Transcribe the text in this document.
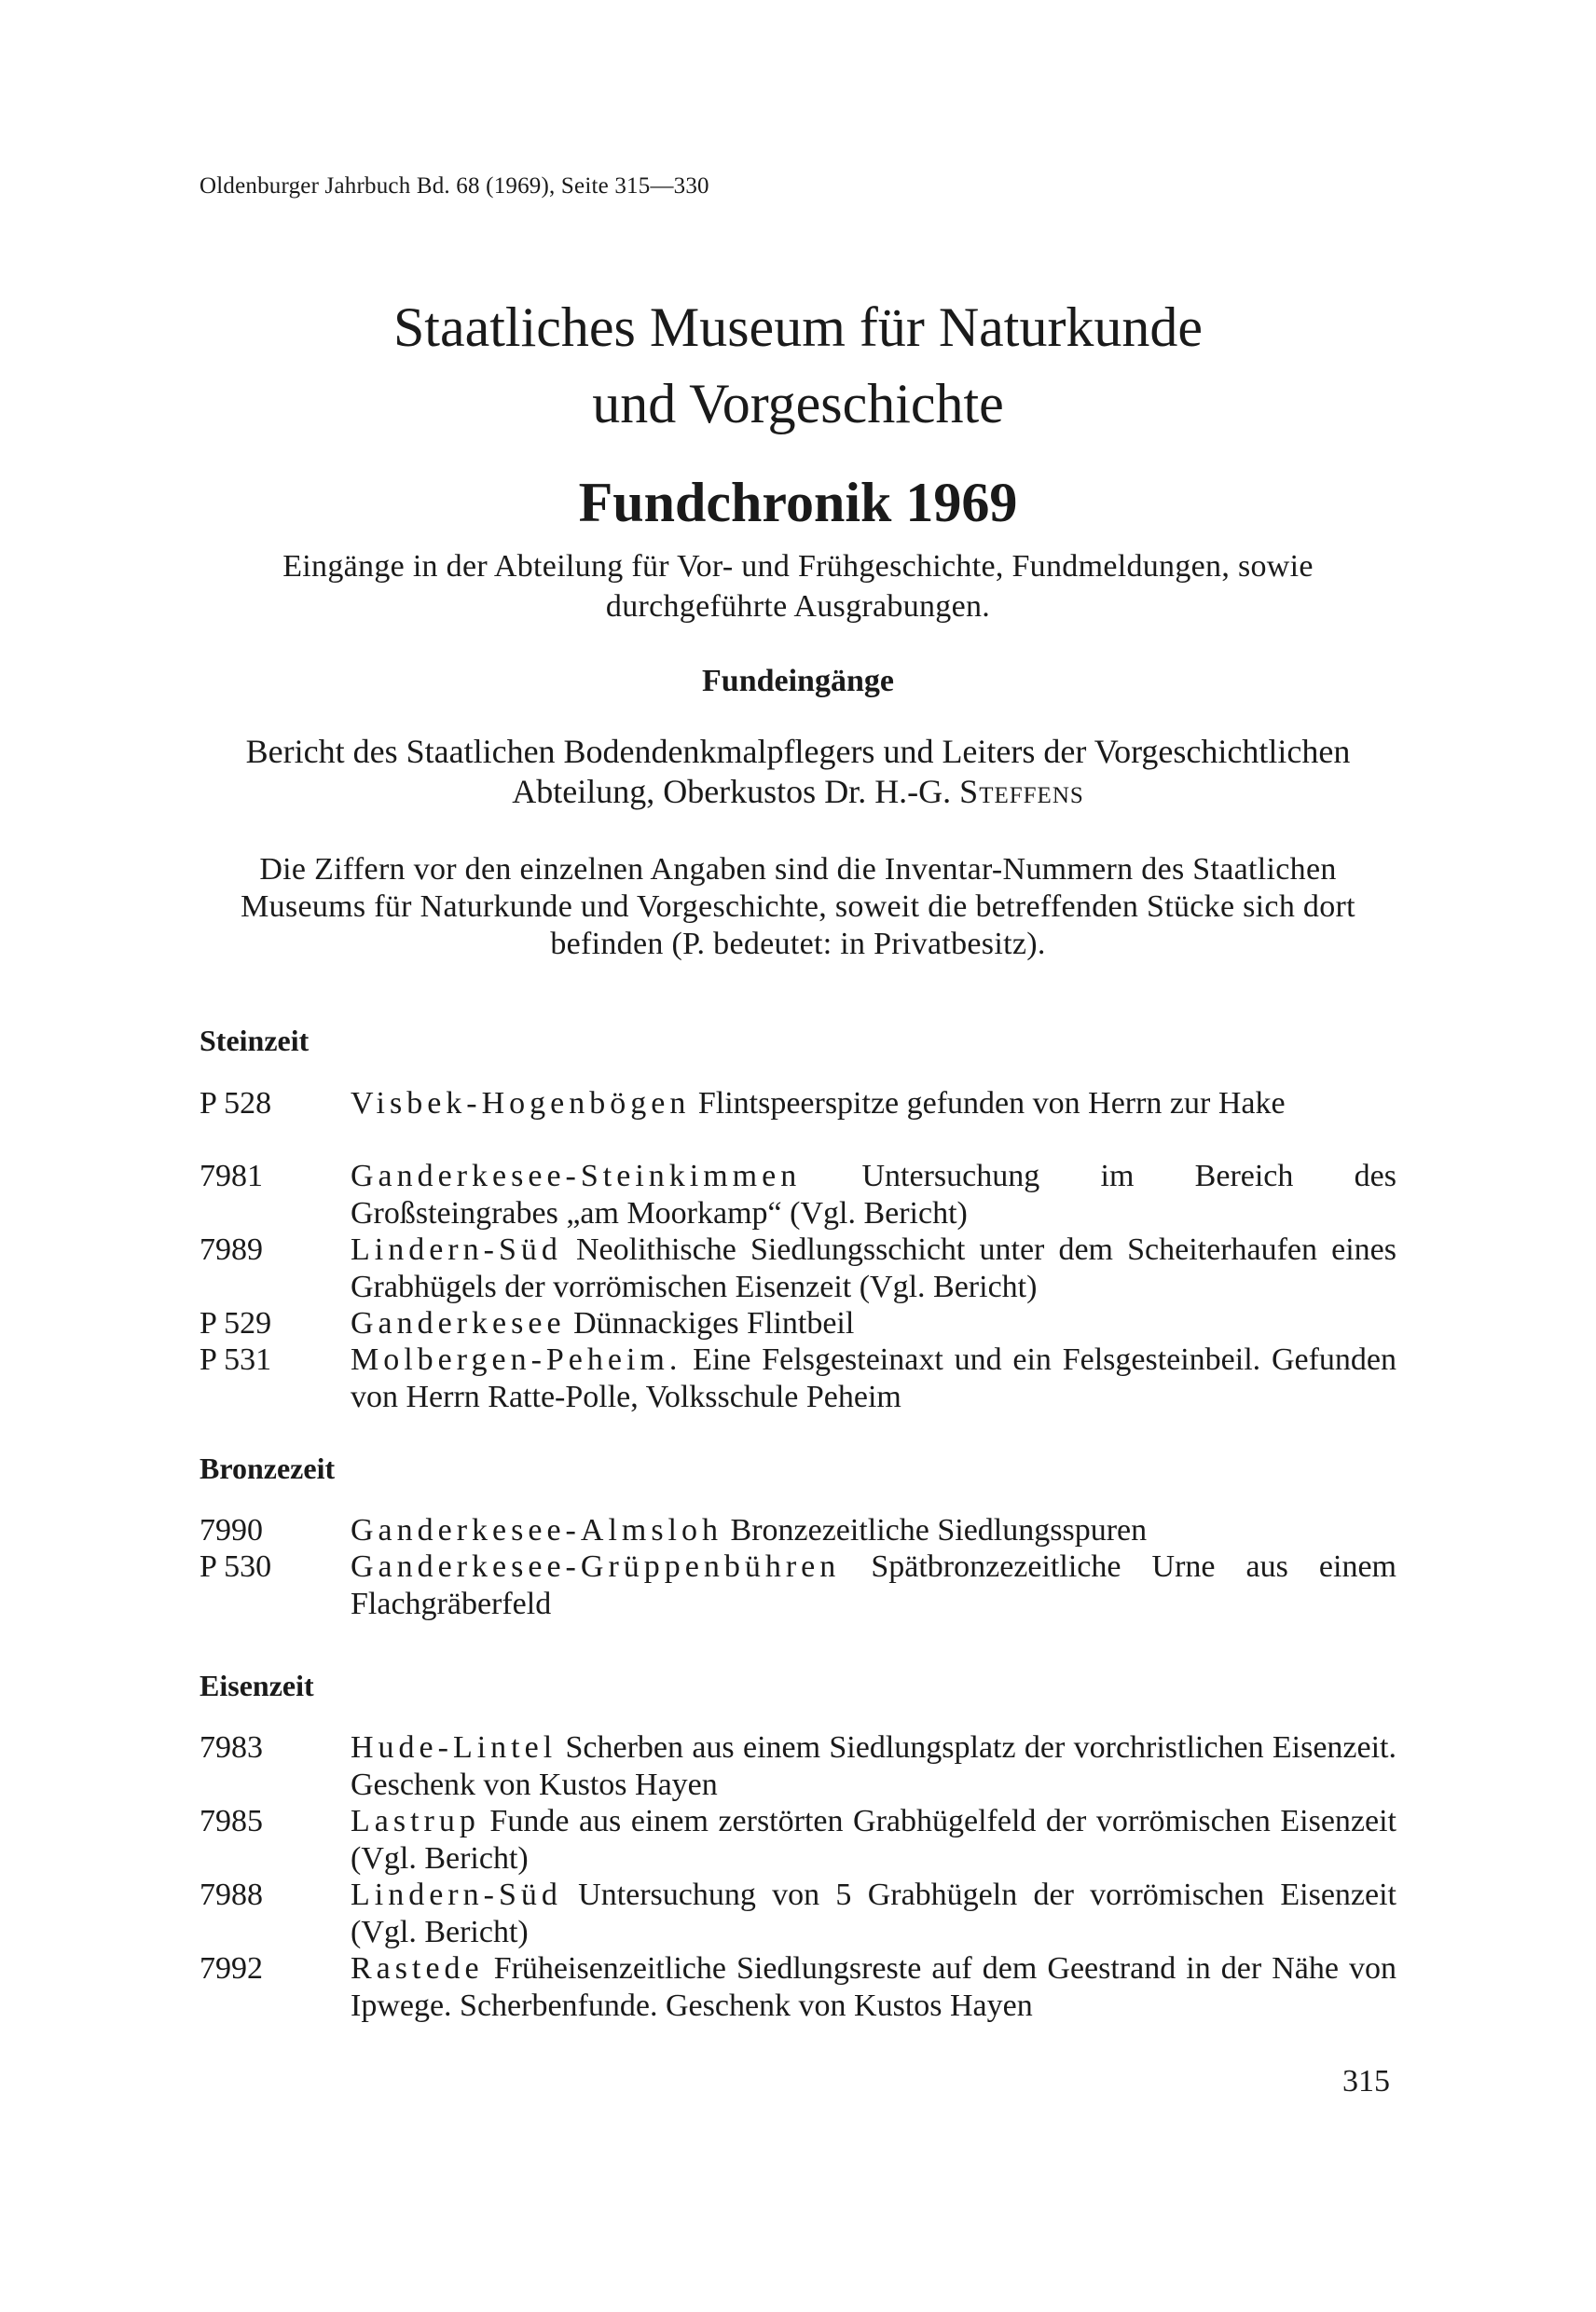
Oldenburger Jahrbuch Bd. 68 (1969), Seite 315—330
Staatliches Museum für Naturkunde
und Vorgeschichte
Fundchronik 1969
Eingänge in der Abteilung für Vor- und Frühgeschichte, Fundmeldungen, sowie durchgeführte Ausgrabungen.
Fundeingänge
Bericht des Staatlichen Bodendenkmalpflegers und Leiters der Vorgeschichtlichen Abteilung, Oberkustos Dr. H.-G. Steffens
Die Ziffern vor den einzelnen Angaben sind die Inventar-Nummern des Staatlichen Museums für Naturkunde und Vorgeschichte, soweit die betreffenden Stücke sich dort befinden (P. bedeutet: in Privatbesitz).
Steinzeit
P 528	Visbek-Hogenbögen Flintspeerspitze gefunden von Herrn zur Hake
7981	Ganderkesee-Steinkimmen Untersuchung im Bereich des Großsteingrabes „am Moorkamp“ (Vgl. Bericht)
7989	Lindern-Süd Neolithische Siedlungsschicht unter dem Scheiterhaufen eines Grabhügels der vorrömischen Eisenzeit (Vgl. Bericht)
P 529	Ganderkesee Dünnackiges Flintbeil
P 531	Molbergen-Peheim. Eine Felsgesteinaxt und ein Felsgesteinbeil. Gefunden von Herrn Ratte-Polle, Volksschule Peheim
Bronzezeit
7990	Ganderkesee-Almsloh Bronzezeitliche Siedlungsspuren
P 530	Ganderkesee-Grüppenbühren Spätbronzezeitliche Urne aus einem Flachgräberfeld
Eisenzeit
7983	Hude-Lintel Scherben aus einem Siedlungsplatz der vorchristlichen Eisenzeit. Geschenk von Kustos Hayen
7985	Lastrup Funde aus einem zerstörten Grabhügelfeld der vorrömischen Eisenzeit (Vgl. Bericht)
7988	Lindern-Süd Untersuchung von 5 Grabhügeln der vorrömischen Eisenzeit (Vgl. Bericht)
7992	Rastede Früheisenzeitliche Siedlungsreste auf dem Geestrand in der Nähe von Ipwege. Scherbenfunde. Geschenk von Kustos Hayen
315
